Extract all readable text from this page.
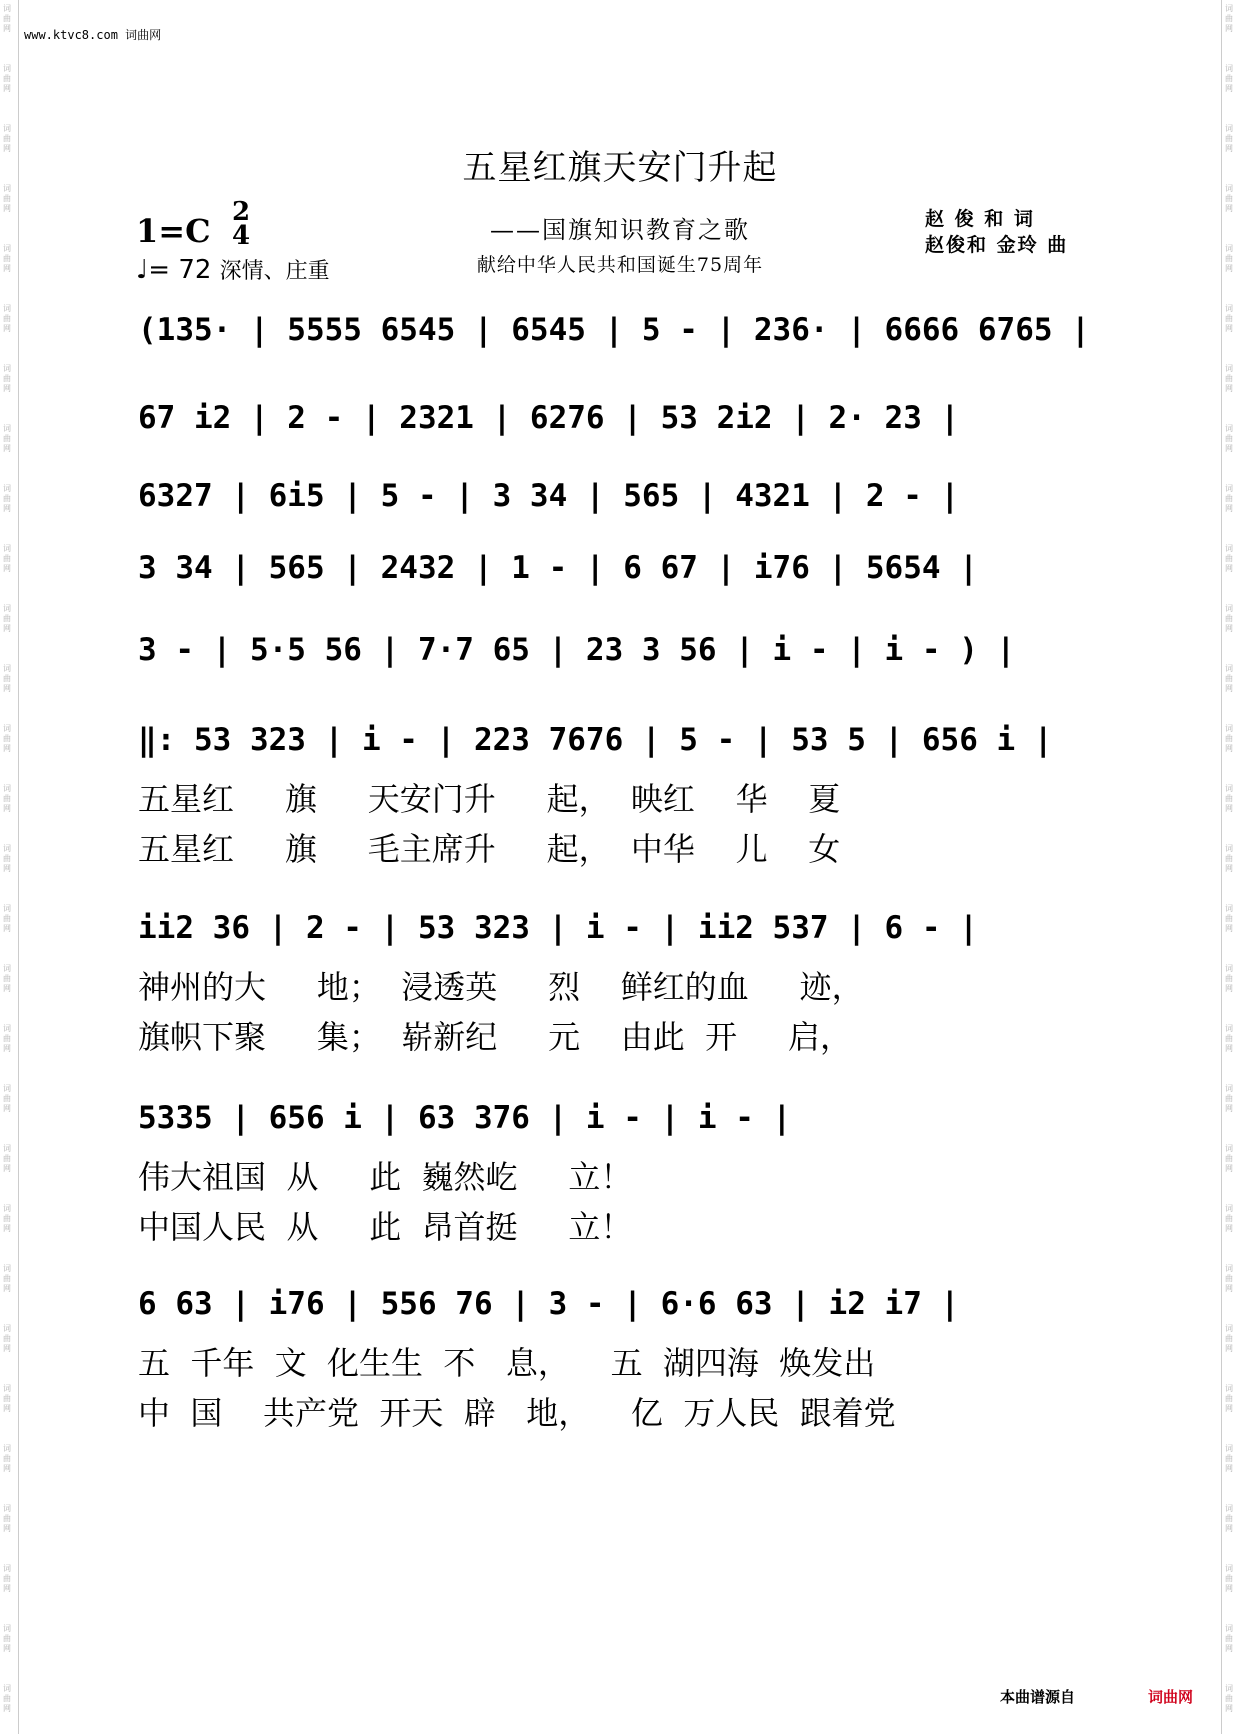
www.ktvc8.com 词曲网
五星红旗天安门升起
1=C 2
4
♩= 72 深情、庄重
——国旗知识教育之歌
献给中华人民共和国诞生75周年
赵 俊 和 词
赵俊和 金玲 曲
(135· | 5555 6545 | 6545 | 5 - | 236· | 6666 6765 |
67 i2 | 2 - | 2321 | 6276 | 53 2i2 | 2· 23 |
6327 | 6i5 | 5 - | 3 34 | 565 | 4321 | 2 - |
3 34 | 565 | 2432 | 1 - | 6 67 | i76 | 5654 |
3 - | 5·5 56 | 7·7 65 | 23 3 56 | i - | i - ) |
‖: 53 323 | i - | 223 7676 | 5 - | 53 5 | 656 i |
五星红     旗     天安门升     起，  映红    华    夏
五星红     旗     毛主席升     起，  中华    儿    女
ii2 36 | 2 - | 53 323 | i - | ii2 537 | 6 - |
神州的大     地；  浸透英     烈    鲜红的血     迹，
旗帜下聚     集；  崭新纪     元    由此  开     启，
5335 | 656 i | 63 376 | i - | i - |
伟大祖国  从     此  巍然屹     立！
中国人民  从     此  昂首挺     立！
6 63 | i76 | 556 76 | 3 - | 6·6 63 | i2 i7 |
五  千年  文  化生生  不   息，    五  湖四海  焕发出
中  国    共产党  开天  辟   地，    亿  万人民  跟着党
本曲谱源自	词曲网
词
曲
网
词
曲
网
词
曲
网
词
曲
网
词
曲
网
词
曲
网
词
曲
网
词
曲
网
词
曲
网
词
曲
网
词
曲
网
词
曲
网
词
曲
网
词
曲
网
词
曲
网
词
曲
网
词
曲
网
词
曲
网
词
曲
网
词
曲
网
词
曲
网
词
曲
网
词
曲
网
词
曲
网
词
曲
网
词
曲
网
词
曲
网
词
曲
网
词
曲
网
词
曲
网
词
曲
网
词
曲
网
词
曲
网
词
曲
网
词
曲
网
词
曲
网
词
曲
网
词
曲
网
词
曲
网
词
曲
网
词
曲
网
词
曲
网
词
曲
网
词
曲
网
词
曲
网
词
曲
网
词
曲
网
词
曲
网
词
曲
网
词
曲
网
词
曲
网
词
曲
网
词
曲
网
词
曲
网
词
曲
网
词
曲
网
词
曲
网
词
曲
网
